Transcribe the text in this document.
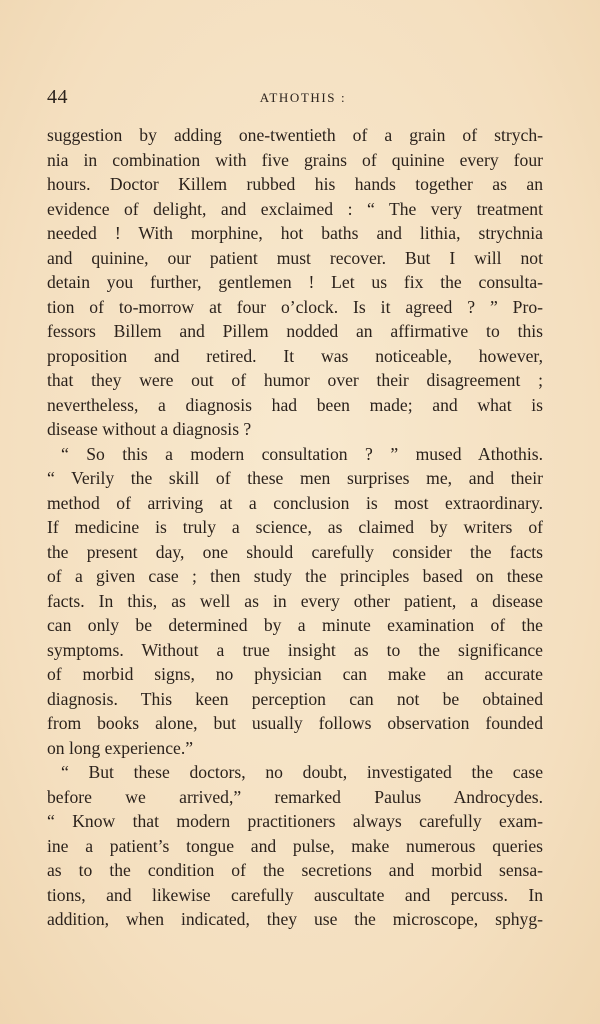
44	ATHOTHIS :
suggestion by adding one-twentieth of a grain of strych-
nia in combination with five grains of quinine every four
hours. Doctor Killem rubbed his hands together as an
evidence of delight, and exclaimed : “ The very treatment
needed ! With morphine, hot baths and lithia, strychnia
and quinine, our patient must recover. But I will not
detain you further, gentlemen ! Let us fix the consulta-
tion of to-morrow at four o’clock. Is it agreed ? ” Pro-
fessors Billem and Pillem nodded an affirmative to this
proposition and retired. It was noticeable, however,
that they were out of humor over their disagreement ;
nevertheless, a diagnosis had been made; and what is
disease without a diagnosis ?
“ So this a modern consultation ? ” mused Athothis.
“ Verily the skill of these men surprises me, and their
method of arriving at a conclusion is most extraordinary.
If medicine is truly a science, as claimed by writers of
the present day, one should carefully consider the facts
of a given case ; then study the principles based on these
facts. In this, as well as in every other patient, a disease
can only be determined by a minute examination of the
symptoms. Without a true insight as to the significance
of morbid signs, no physician can make an accurate
diagnosis. This keen perception can not be obtained
from books alone, but usually follows observation founded
on long experience.”
“ But these doctors, no doubt, investigated the case
before we arrived,” remarked Paulus Androcydes.
“ Know that modern practitioners always carefully exam-
ine a patient’s tongue and pulse, make numerous queries
as to the condition of the secretions and morbid sensa-
tions, and likewise carefully auscultate and percuss. In
addition, when indicated, they use the microscope, sphyg-
